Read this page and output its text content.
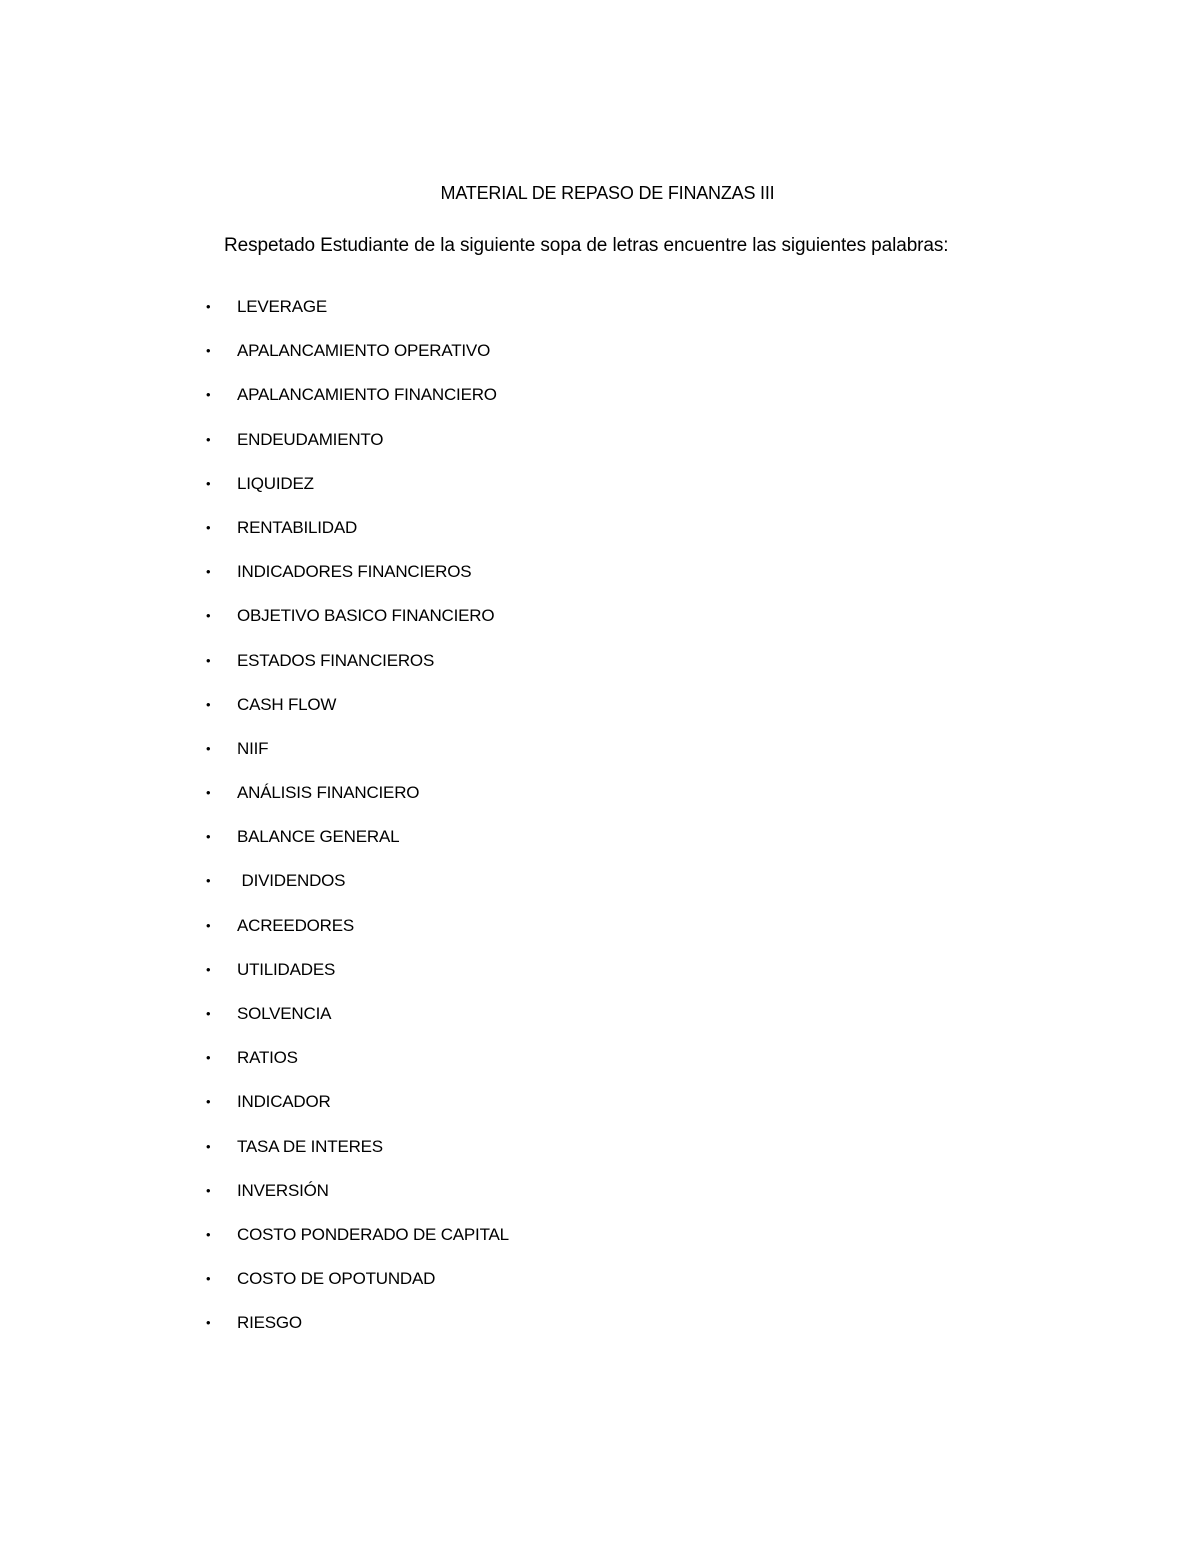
MATERIAL DE REPASO DE FINANZAS III
Respetado Estudiante de la siguiente sopa de letras encuentre las siguientes palabras:
• LEVERAGE
• APALANCAMIENTO OPERATIVO
• APALANCAMIENTO FINANCIERO
• ENDEUDAMIENTO
• LIQUIDEZ
• RENTABILIDAD
• INDICADORES FINANCIEROS
• OBJETIVO BASICO FINANCIERO
• ESTADOS FINANCIEROS
• CASH FLOW
• NIIF
• ANÁLISIS FINANCIERO
• BALANCE GENERAL
• DIVIDENDOS
• ACREEDORES
• UTILIDADES
• SOLVENCIA
• RATIOS
• INDICADOR
• TASA DE INTERES
• INVERSIÓN
• COSTO PONDERADO DE CAPITAL
• COSTO DE OPOTUNDAD
• RIESGO
